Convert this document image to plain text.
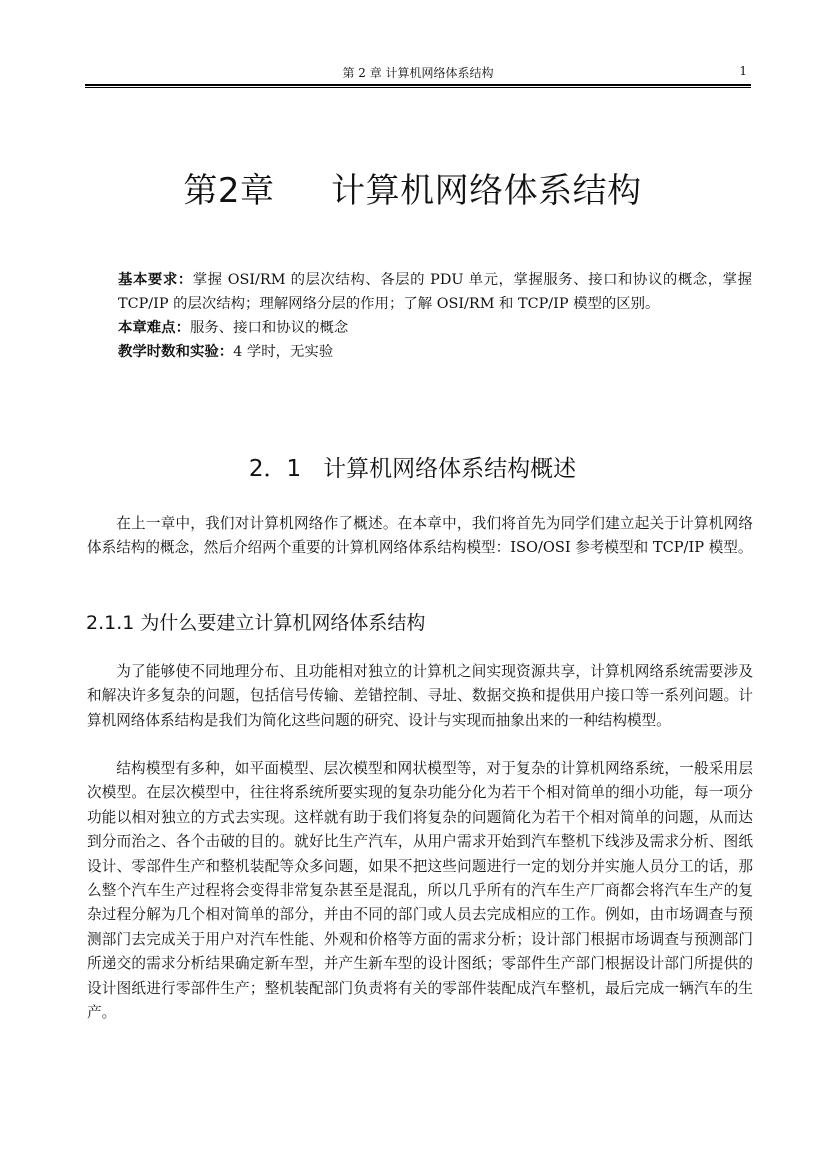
第 2 章 计算机网络体系结构	1
第2章     计算机网络体系结构

基本要求：掌握 OSI/RM 的层次结构、各层的 PDU 单元，掌握服务、接口和协议的概念，掌握 TCP/IP 的层次结构；理解网络分层的作用；了解 OSI/RM 和 TCP/IP 模型的区别。

本章难点：服务、接口和协议的概念

教学时数和实验：4 学时，无实验

2．1   计算机网络体系结构概述

在上一章中，我们对计算机网络作了概述。在本章中，我们将首先为同学们建立起关于计算机网络体系结构的概念，然后介绍两个重要的计算机网络体系结构模型：ISO/OSI 参考模型和 TCP/IP 模型。

2.1.1 为什么要建立计算机网络体系结构

为了能够使不同地理分布、且功能相对独立的计算机之间实现资源共享，计算机网络系统需要涉及和解决许多复杂的问题，包括信号传输、差错控制、寻址、数据交换和提供用户接口等一系列问题。计算机网络体系结构是我们为简化这些问题的研究、设计与实现而抽象出来的一种结构模型。

结构模型有多种，如平面模型、层次模型和网状模型等，对于复杂的计算机网络系统，一般采用层次模型。在层次模型中，往往将系统所要实现的复杂功能分化为若干个相对简单的细小功能，每一项分功能以相对独立的方式去实现。这样就有助于我们将复杂的问题简化为若干个相对简单的问题，从而达到分而治之、各个击破的目的。就好比生产汽车，从用户需求开始到汽车整机下线涉及需求分析、图纸设计、零部件生产和整机装配等众多问题，如果不把这些问题进行一定的划分并实施人员分工的话，那么整个汽车生产过程将会变得非常复杂甚至是混乱，所以几乎所有的汽车生产厂商都会将汽车生产的复杂过程分解为几个相对简单的部分，并由不同的部门或人员去完成相应的工作。例如，由市场调查与预测部门去完成关于用户对汽车性能、外观和价格等方面的需求分析；设计部门根据市场调查与预测部门所递交的需求分析结果确定新车型，并产生新车型的设计图纸；零部件生产部门根据设计部门所提供的设计图纸进行零部件生产；整机装配部门负责将有关的零部件装配成汽车整机，最后完成一辆汽车的生产。
